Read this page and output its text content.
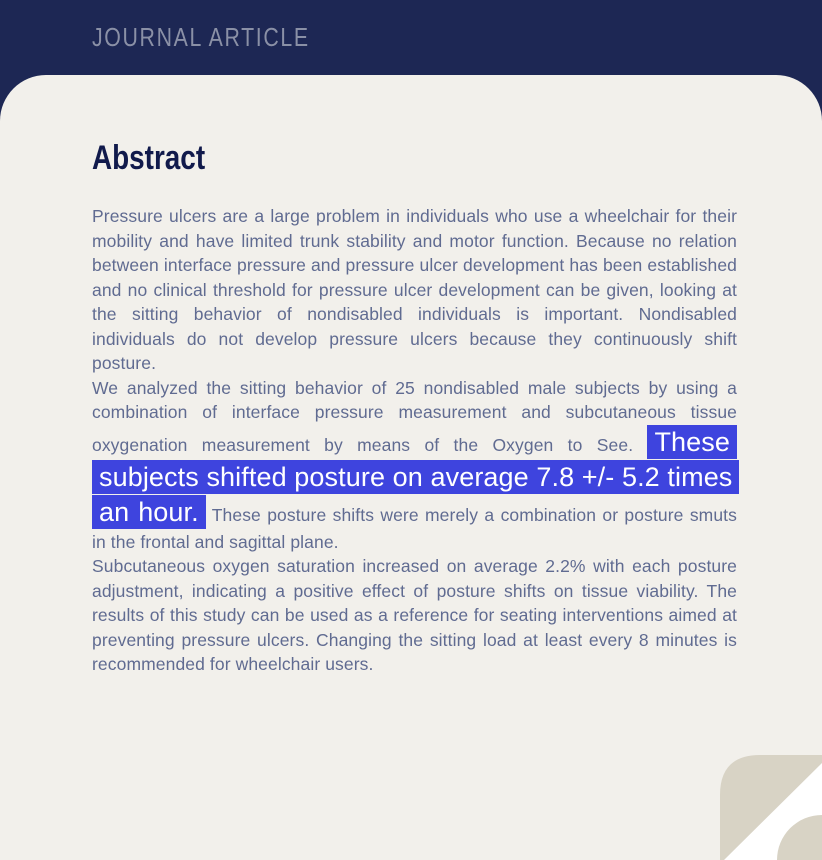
JOURNAL ARTICLE
Abstract

Pressure ulcers are a large problem in individuals who use a wheelchair for their mobility and have limited trunk stability and motor function. Because no relation between interface pressure and pressure ulcer development has been established and no clinical threshold for pressure ulcer development can be given, looking at the sitting behavior of nondisabled individuals is important. Nondisabled individuals do not develop pressure ulcers because they continuously shift posture.

We analyzed the sitting behavior of 25 nondisabled male subjects by using a combination of interface pressure measurement and subcutaneous tissue oxygenation measurement by means of the Oxygen to See. These subjects shifted posture on average 7.8 +/- 5.2 times an hour. These posture shifts were merely a combination or posture smuts in the frontal and sagittal plane.

Subcutaneous oxygen saturation increased on average 2.2% with each posture adjustment, indicating a positive effect of posture shifts on tissue viability. The results of this study can be used as a reference for seating interventions aimed at preventing pressure ulcers. Changing the sitting load at least every 8 minutes is recommended for wheelchair users.
